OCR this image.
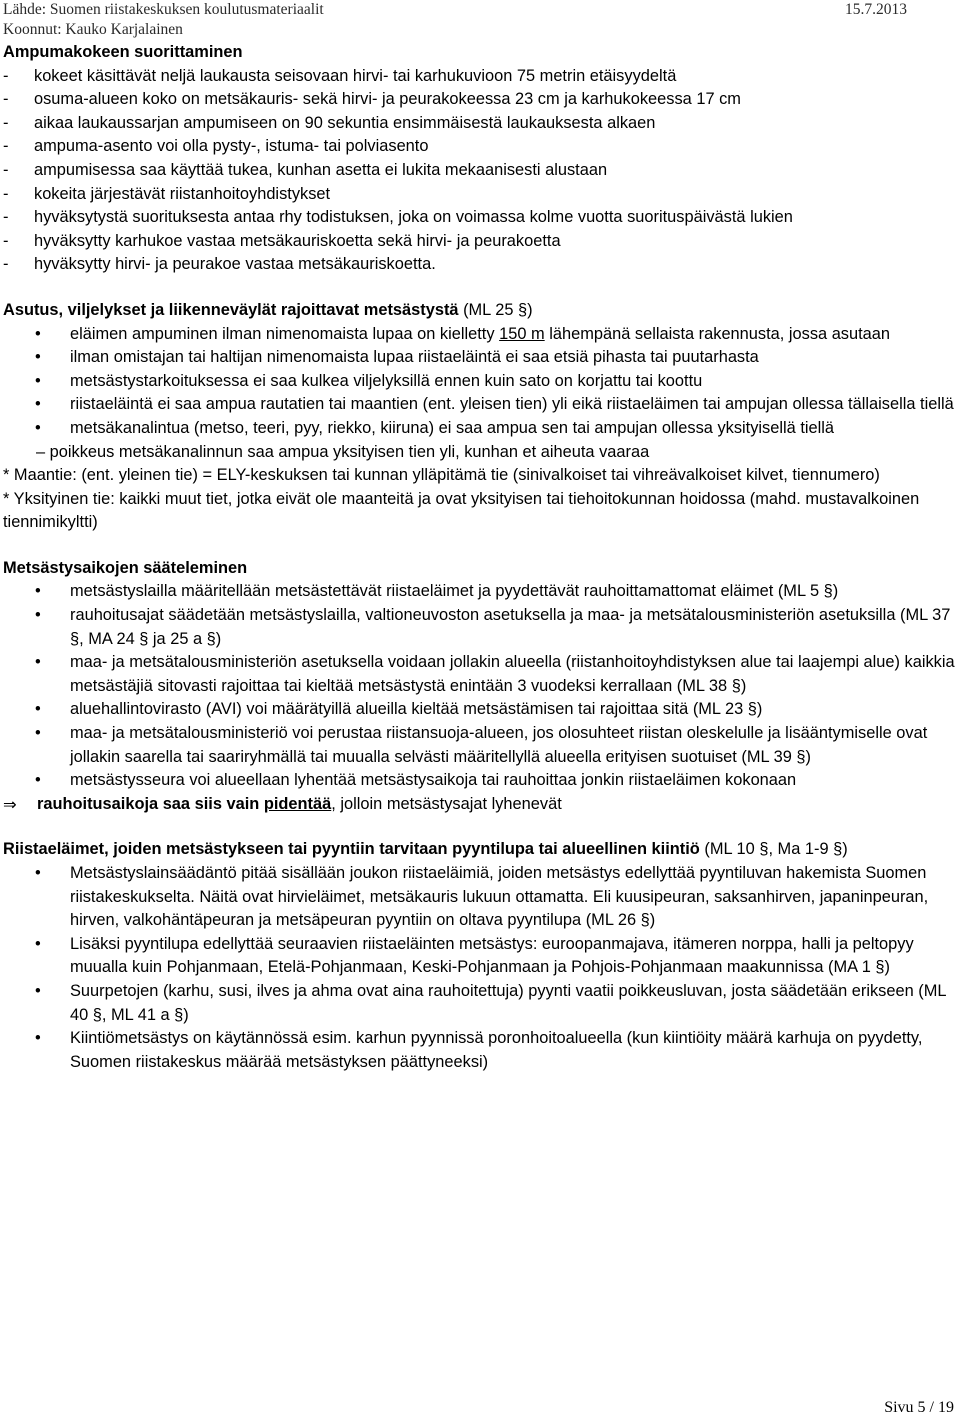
Lähde: Suomen riistakeskuksen koulutusmateriaalit	15.7.2013
Koonnut: Kauko Karjalainen
Ampumakokeen suorittaminen
-	kokeet käsittävät neljä laukausta seisovaan hirvi- tai karhukuvioon 75 metrin etäisyydeltä
-	osuma-alueen koko on metsäkauris- sekä hirvi- ja peurakokeessa 23 cm ja karhukokeessa 17 cm
-	aikaa laukaussarjan ampumiseen on 90 sekuntia ensimmäisestä laukauksesta alkaen
-	ampuma-asento voi olla pysty-, istuma- tai polviasento
-	ampumisessa saa käyttää tukea, kunhan asetta ei lukita mekaanisesti alustaan
-	kokeita järjestävät riistanhoitoyhdistykset
-	hyväksytystä suorituksesta antaa rhy todistuksen, joka on voimassa kolme vuotta suorituspäivästä lukien
-	hyväksytty karhukoe vastaa metsäkauriskoetta sekä hirvi- ja peurakoetta
-	hyväksytty hirvi- ja peurakoe vastaa metsäkauriskoetta.
Asutus, viljelykset ja liikenneväylät rajoittavat metsästystä (ML 25 §)
•	eläimen ampuminen ilman nimenomaista lupaa on kielletty 150 m lähempänä sellaista rakennusta, jossa asutaan
•	ilman omistajan tai haltijan nimenomaista lupaa riistaeläintä ei saa etsiä pihasta tai puutarhasta
•	metsästystarkoituksessa ei saa kulkea viljelyksillä ennen kuin sato on korjattu tai koottu
•	riistaeläintä ei saa ampua rautatien tai maantien (ent. yleisen tien) yli eikä riistaeläimen tai ampujan ollessa tällaisella tiellä
•	metsäkanalintua (metso, teeri, pyy, riekko, kiiruna) ei saa ampua sen tai ampujan ollessa yksityisellä tiellä
– poikkeus metsäkanalinnun saa ampua yksityisen tien yli, kunhan et aiheuta vaaraa
* Maantie: (ent. yleinen tie) = ELY-keskuksen tai kunnan ylläpitämä tie (sinivalkoiset tai vihreävalkoiset kilvet, tiennumero)
* Yksityinen tie: kaikki muut tiet, jotka eivät ole maanteitä ja ovat yksityisen tai tiehoitokunnan hoidossa (mahd. mustavalkoinen tiennimikyltti)
Metsästysaikojen sääteleminen
•	metsästyslailla määritellään metsästettävät riistaeläimet ja pyydettävät rauhoittamattomat eläimet (ML 5 §)
•	rauhoitusajat säädetään metsästyslailla, valtioneuvoston asetuksella ja maa- ja metsätalousministeriön asetuksilla (ML 37 §, MA 24 § ja 25 a §)
•	maa- ja metsätalousministeriön asetuksella voidaan jollakin alueella (riistanhoitoyhdistyksen alue tai laajempi alue) kaikkia metsästäjiä sitovasti rajoittaa tai kieltää metsästystä enintään 3 vuodeksi kerrallaan (ML 38 §)
•	aluehallintovirasto (AVI) voi määrätyillä alueilla kieltää metsästämisen tai rajoittaa sitä (ML 23 §)
•	maa- ja metsätalousministeriö voi perustaa riistansuoja-alueen, jos olosuhteet riistan oleskelulle ja lisääntymiselle ovat jollakin saarella tai saariryhmällä tai muualla selvästi määritellyllä alueella erityisen suotuiset (ML 39 §)
•	metsästysseura voi alueellaan lyhentää metsästysaikoja tai rauhoittaa jonkin riistaeläimen kokonaan
⇒	rauhoitusaikoja saa siis vain pidentää, jolloin metsästysajat lyhenevät
Riistaeläimet, joiden metsästykseen tai pyyntiin tarvitaan pyyntilupa tai alueellinen kiintiö (ML 10 §, Ma 1-9 §)
•	Metsästyslainsäädäntö pitää sisällään joukon riistaeläimiä, joiden metsästys edellyttää pyyntiluvan hakemista Suomen riistakeskukselta. Näitä ovat hirvieläimet, metsäkauris lukuun ottamatta. Eli kuusipeuran, saksanhirven, japaninpeuran, hirven, valkohäntäpeuran ja metsäpeuran pyyntiin on oltava pyyntilupa (ML 26 §)
•	Lisäksi pyyntilupa edellyttää seuraavien riistaeläinten metsästys: euroopanmajava, itämeren norppa, halli ja peltopyy muualla kuin Pohjanmaan, Etelä-Pohjanmaan, Keski-Pohjanmaan ja Pohjois-Pohjanmaan maakunnissa (MA 1 §)
•	Suurpetojen (karhu, susi, ilves ja ahma ovat aina rauhoitettuja) pyynti vaatii poikkeusluvan, josta säädetään erikseen (ML 40 §, ML 41 a §)
•	Kiintiömetsästys on käytännössä esim. karhun pyynnissä poronhoitoalueella (kun kiintiöity määrä karhuja on pyydetty, Suomen riistakeskus määrää metsästyksen päättyneeksi)
Sivu 5 / 19
